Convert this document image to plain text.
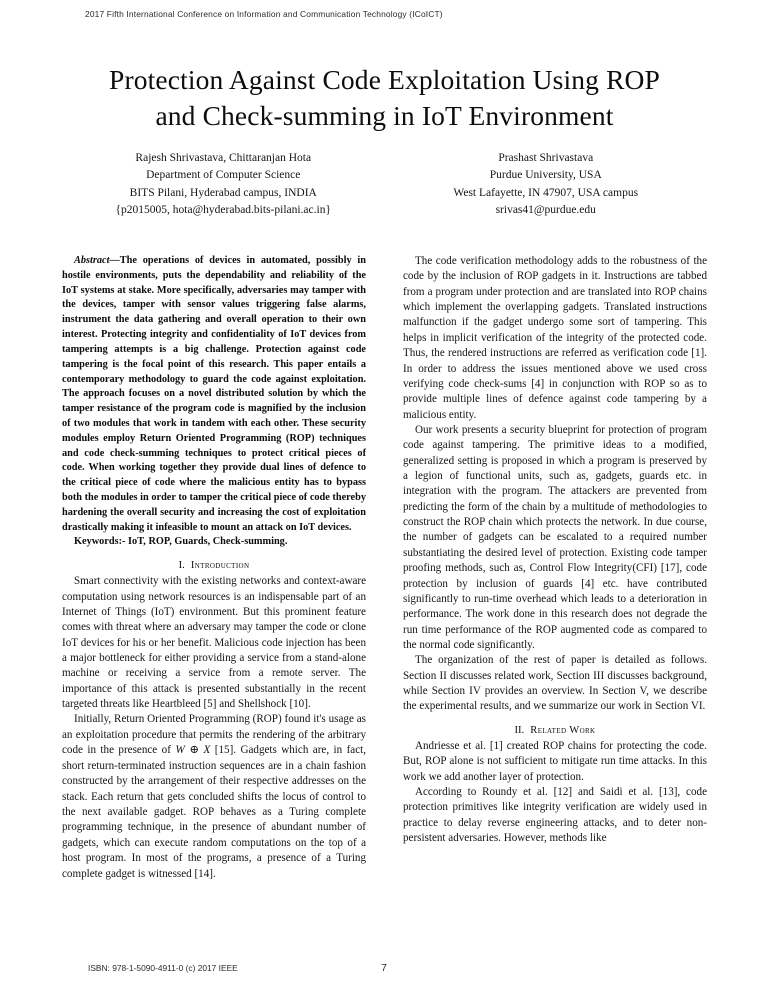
2017 Fifth International Conference on Information and Communication Technology (ICoICT)
Protection Against Code Exploitation Using ROP
and Check-summing in IoT Environment
Rajesh Shrivastava, Chittaranjan Hota
Department of Computer Science
BITS Pilani, Hyderabad campus, INDIA
{p2015005, hota@hyderabad.bits-pilani.ac.in}
Prashast Shrivastava
Purdue University, USA
West Lafayette, IN 47907, USA campus
srivas41@purdue.edu

Abstract—The operations of devices in automated, possibly in hostile environments, puts the dependability and reliability of the IoT systems at stake. More specifically, adversaries may tamper with the devices, tamper with sensor values triggering false alarms, instrument the data gathering and overall operation to their own interest. Protecting integrity and confidentiality of IoT devices from tampering attempts is a big challenge. Protection against code tampering is the focal point of this research. This paper entails a contemporary methodology to guard the code against exploitation. The approach focuses on a novel distributed solution by which the tamper resistance of the program code is magnified by the inclusion of two modules that work in tandem with each other. These security modules employ Return Oriented Programming (ROP) techniques and code check-summing techniques to protect critical pieces of code. When working together they provide dual lines of defence to the critical piece of code where the malicious entity has to bypass both the modules in order to tamper the critical piece of code thereby hardening the overall security and increasing the cost of exploitation drastically making it infeasible to mount an attack on IoT devices.

Keywords:- IoT, ROP, Guards, Check-summing.

I. Introduction

Smart connectivity with the existing networks and context-aware computation using network resources is an indispensable part of an Internet of Things (IoT) environment. But this prominent feature comes with threat where an adversary may tamper the code or clone IoT devices for his or her benefit. Malicious code injection has been a major bottleneck for either providing a service from a stand-alone machine or receiving a service from a remote server. The importance of this attack is presented substantially in the recent targeted threats like Heartbleed [5] and Shellshock [10].

Initially, Return Oriented Programming (ROP) found it's usage as an exploitation procedure that permits the rendering of the arbitrary code in the presence of W ⊕ X [15]. Gadgets which are, in fact, short return-terminated instruction sequences are in a chain fashion constructed by the arrangement of their respective addresses on the stack. Each return that gets concluded shifts the locus of control to the next available gadget. ROP behaves as a Turing complete programming technique, in the presence of abundant number of gadgets, which can execute random computations on the top of a host program. In most of the programs, a presence of a Turing complete gadget is witnessed [14].

The code verification methodology adds to the robustness of the code by the inclusion of ROP gadgets in it. Instructions are tabbed from a program under protection and are translated into ROP chains which implement the overlapping gadgets. Translated instructions malfunction if the gadget undergo some sort of tampering. This helps in implicit verification of the integrity of the protected code. Thus, the rendered instructions are referred as verification code [1]. In order to address the issues mentioned above we used cross verifying code check-sums [4] in conjunction with ROP so as to provide multiple lines of defence against code tampering by a malicious entity.

Our work presents a security blueprint for protection of program code against tampering. The primitive ideas to a modified, generalized setting is proposed in which a program is preserved by a legion of functional units, such as, gadgets, guards etc. in integration with the program. The attackers are prevented from predicting the form of the chain by a multitude of methodologies to construct the ROP chain which protects the network. In due course, the number of gadgets can be escalated to a required number substantiating the desired level of protection. Existing code tamper proofing methods, such as, Control Flow Integrity(CFI) [17], code protection by inclusion of guards [4] etc. have contributed significantly to run-time overhead which leads to a deterioration in performance. The work done in this research does not degrade the run time performance of the ROP augmented code as compared to the normal code significantly.

The organization of the rest of paper is detailed as follows. Section II discusses related work, Section III discusses background, while Section IV provides an overview. In Section V, we describe the experimental results, and we summarize our work in Section VI.

II. Related Work

Andriesse et al. [1] created ROP chains for protecting the code. But, ROP alone is not sufficient to mitigate run time attacks. In this work we add another layer of protection.

According to Roundy et al. [12] and Saidi et al. [13], code protection primitives like integrity verification are widely used in practice to delay reverse engineering attacks, and to deter non-persistent adversaries. However, methods like

ISBN: 978-1-5090-4911-0 (c) 2017 IEEE	7
